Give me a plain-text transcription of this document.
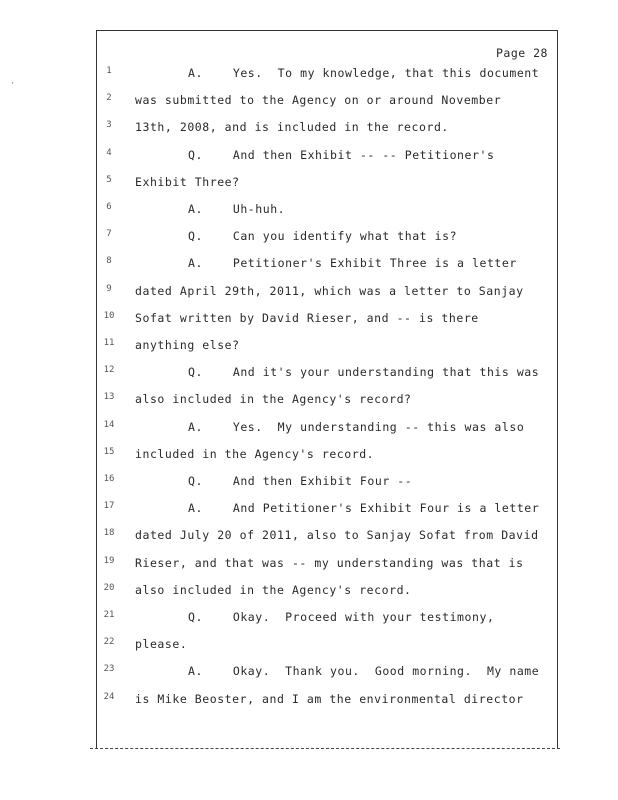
·
Page 28
1	A.    Yes.  To my knowledge, that this document
2	was submitted to the Agency on or around November
3	13th, 2008, and is included in the record.
4	Q.    And then Exhibit -- -- Petitioner's
5	Exhibit Three?
6	A.    Uh-huh.
7	Q.    Can you identify what that is?
8	A.    Petitioner's Exhibit Three is a letter
9	dated April 29th, 2011, which was a letter to Sanjay
10	Sofat written by David Rieser, and -- is there
11	anything else?
12	Q.    And it's your understanding that this was
13	also included in the Agency's record?
14	A.    Yes.  My understanding -- this was also
15	included in the Agency's record.
16	Q.    And then Exhibit Four --
17	A.    And Petitioner's Exhibit Four is a letter
18	dated July 20 of 2011, also to Sanjay Sofat from David
19	Rieser, and that was -- my understanding was that is
20	also included in the Agency's record.
21	Q.    Okay.  Proceed with your testimony,
22	please.
23	A.    Okay.  Thank you.  Good morning.  My name
24	is Mike Beoster, and I am the environmental director
